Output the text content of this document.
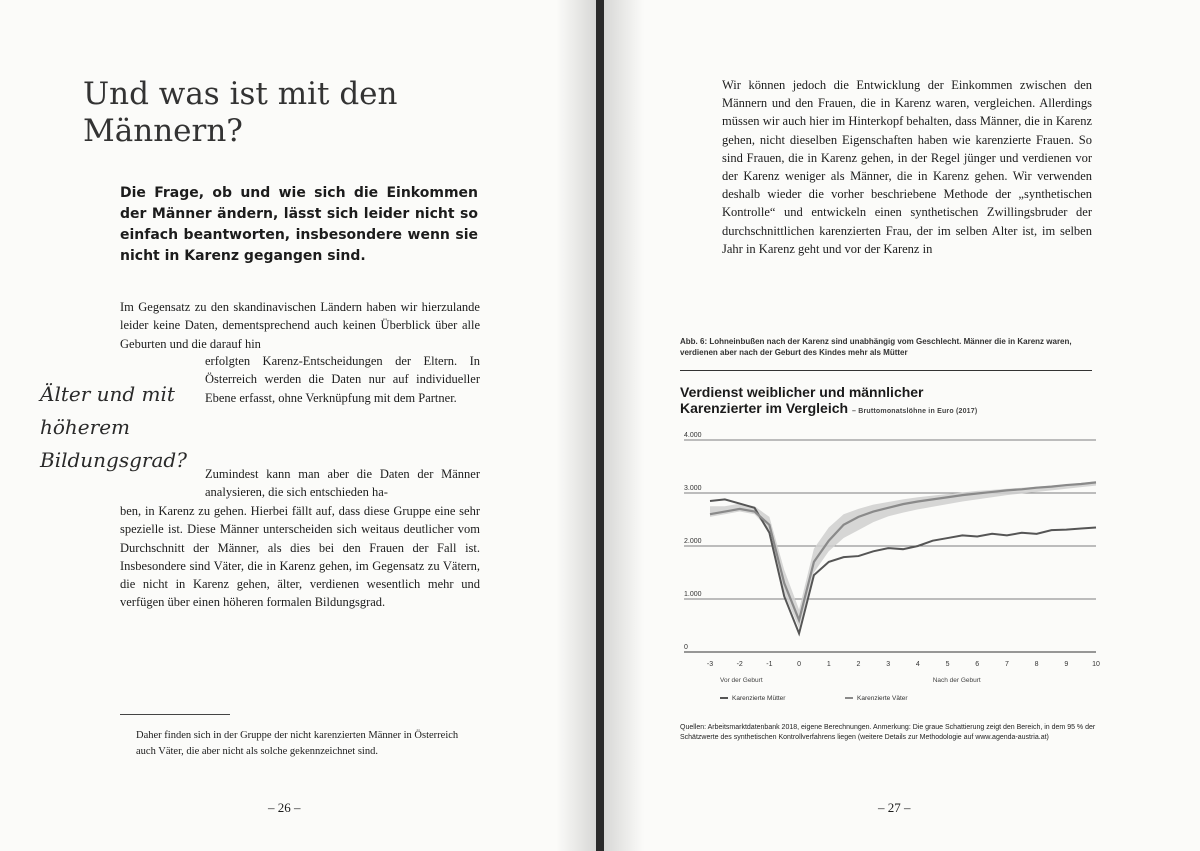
Und was ist mit den Männern?

Die Frage, ob und wie sich die Einkommen der Männer ändern, lässt sich leider nicht so einfach beantworten, insbesondere wenn sie nicht in Karenz gegangen sind.

Im Gegensatz zu den skandinavischen Ländern haben wir hierzulande leider keine Daten, dementsprechend auch keinen Überblick über alle Geburten und die darauf hin

erfolgten Karenz-Entscheidungen der Eltern. In Österreich werden die Daten nur auf individueller Ebene erfasst, ohne Verknüpfung mit dem Partner.

Zumindest kann man aber die Daten der Männer analysieren, die sich entschieden ha-

ben, in Karenz zu gehen. Hierbei fällt auf, dass diese Gruppe eine sehr spezielle ist. Diese Männer unterscheiden sich weitaus deutlicher vom Durchschnitt der Männer, als dies bei den Frauen der Fall ist. Insbesondere sind Väter, die in Karenz gehen, im Gegensatz zu Vätern, die nicht in Karenz gehen, älter, verdienen wesentlich mehr und verfügen über einen höheren formalen Bildungsgrad.

Älter und mit höherem Bildungsgrad?

Daher finden sich in der Gruppe der nicht karenzierten Männer in Österreich auch Väter, die aber nicht als solche gekennzeichnet sind.

– 26 –

Wir können jedoch die Entwicklung der Einkommen zwischen den Männern und den Frauen, die in Karenz waren, vergleichen. Allerdings müssen wir auch hier im Hinterkopf behalten, dass Männer, die in Karenz gehen, nicht dieselben Eigenschaften haben wie karenzierte Frauen. So sind Frauen, die in Karenz gehen, in der Regel jünger und verdienen vor der Karenz weniger als Männer, die in Karenz gehen. Wir verwenden deshalb wieder die vorher beschriebene Methode der „synthetischen Kontrolle“ und entwickeln einen synthetischen Zwillingsbruder der durchschnittlichen karenzierten Frau, der im selben Alter ist, im selben Jahr in Karenz geht und vor der Karenz in

Abb. 6: Lohneinbußen nach der Karenz sind unabhängig vom Geschlecht. Männer die in Karenz waren, verdienen aber nach der Geburt des Kindes mehr als Mütter

Verdienst weiblicher und männlicher
Karenzierter im Vergleich – Bruttomonatslöhne in Euro (2017)
0
1.000
2.000
3.000
4.000
-3	-2	-1	0	1	2	3	4	5	6	7	8	9	10
Vor der Geburt	Nach der Geburt
Karenzierte Mütter	Karenzierte Väter

Quellen: Arbeitsmarktdatenbank 2018, eigene Berechnungen. Anmerkung: Die graue Schattierung zeigt den Bereich, in dem 95 % der Schätzwerte des synthetischen Kontrollverfahrens liegen (weitere Details zur Methodologie auf www.agenda-austria.at)

– 27 –
